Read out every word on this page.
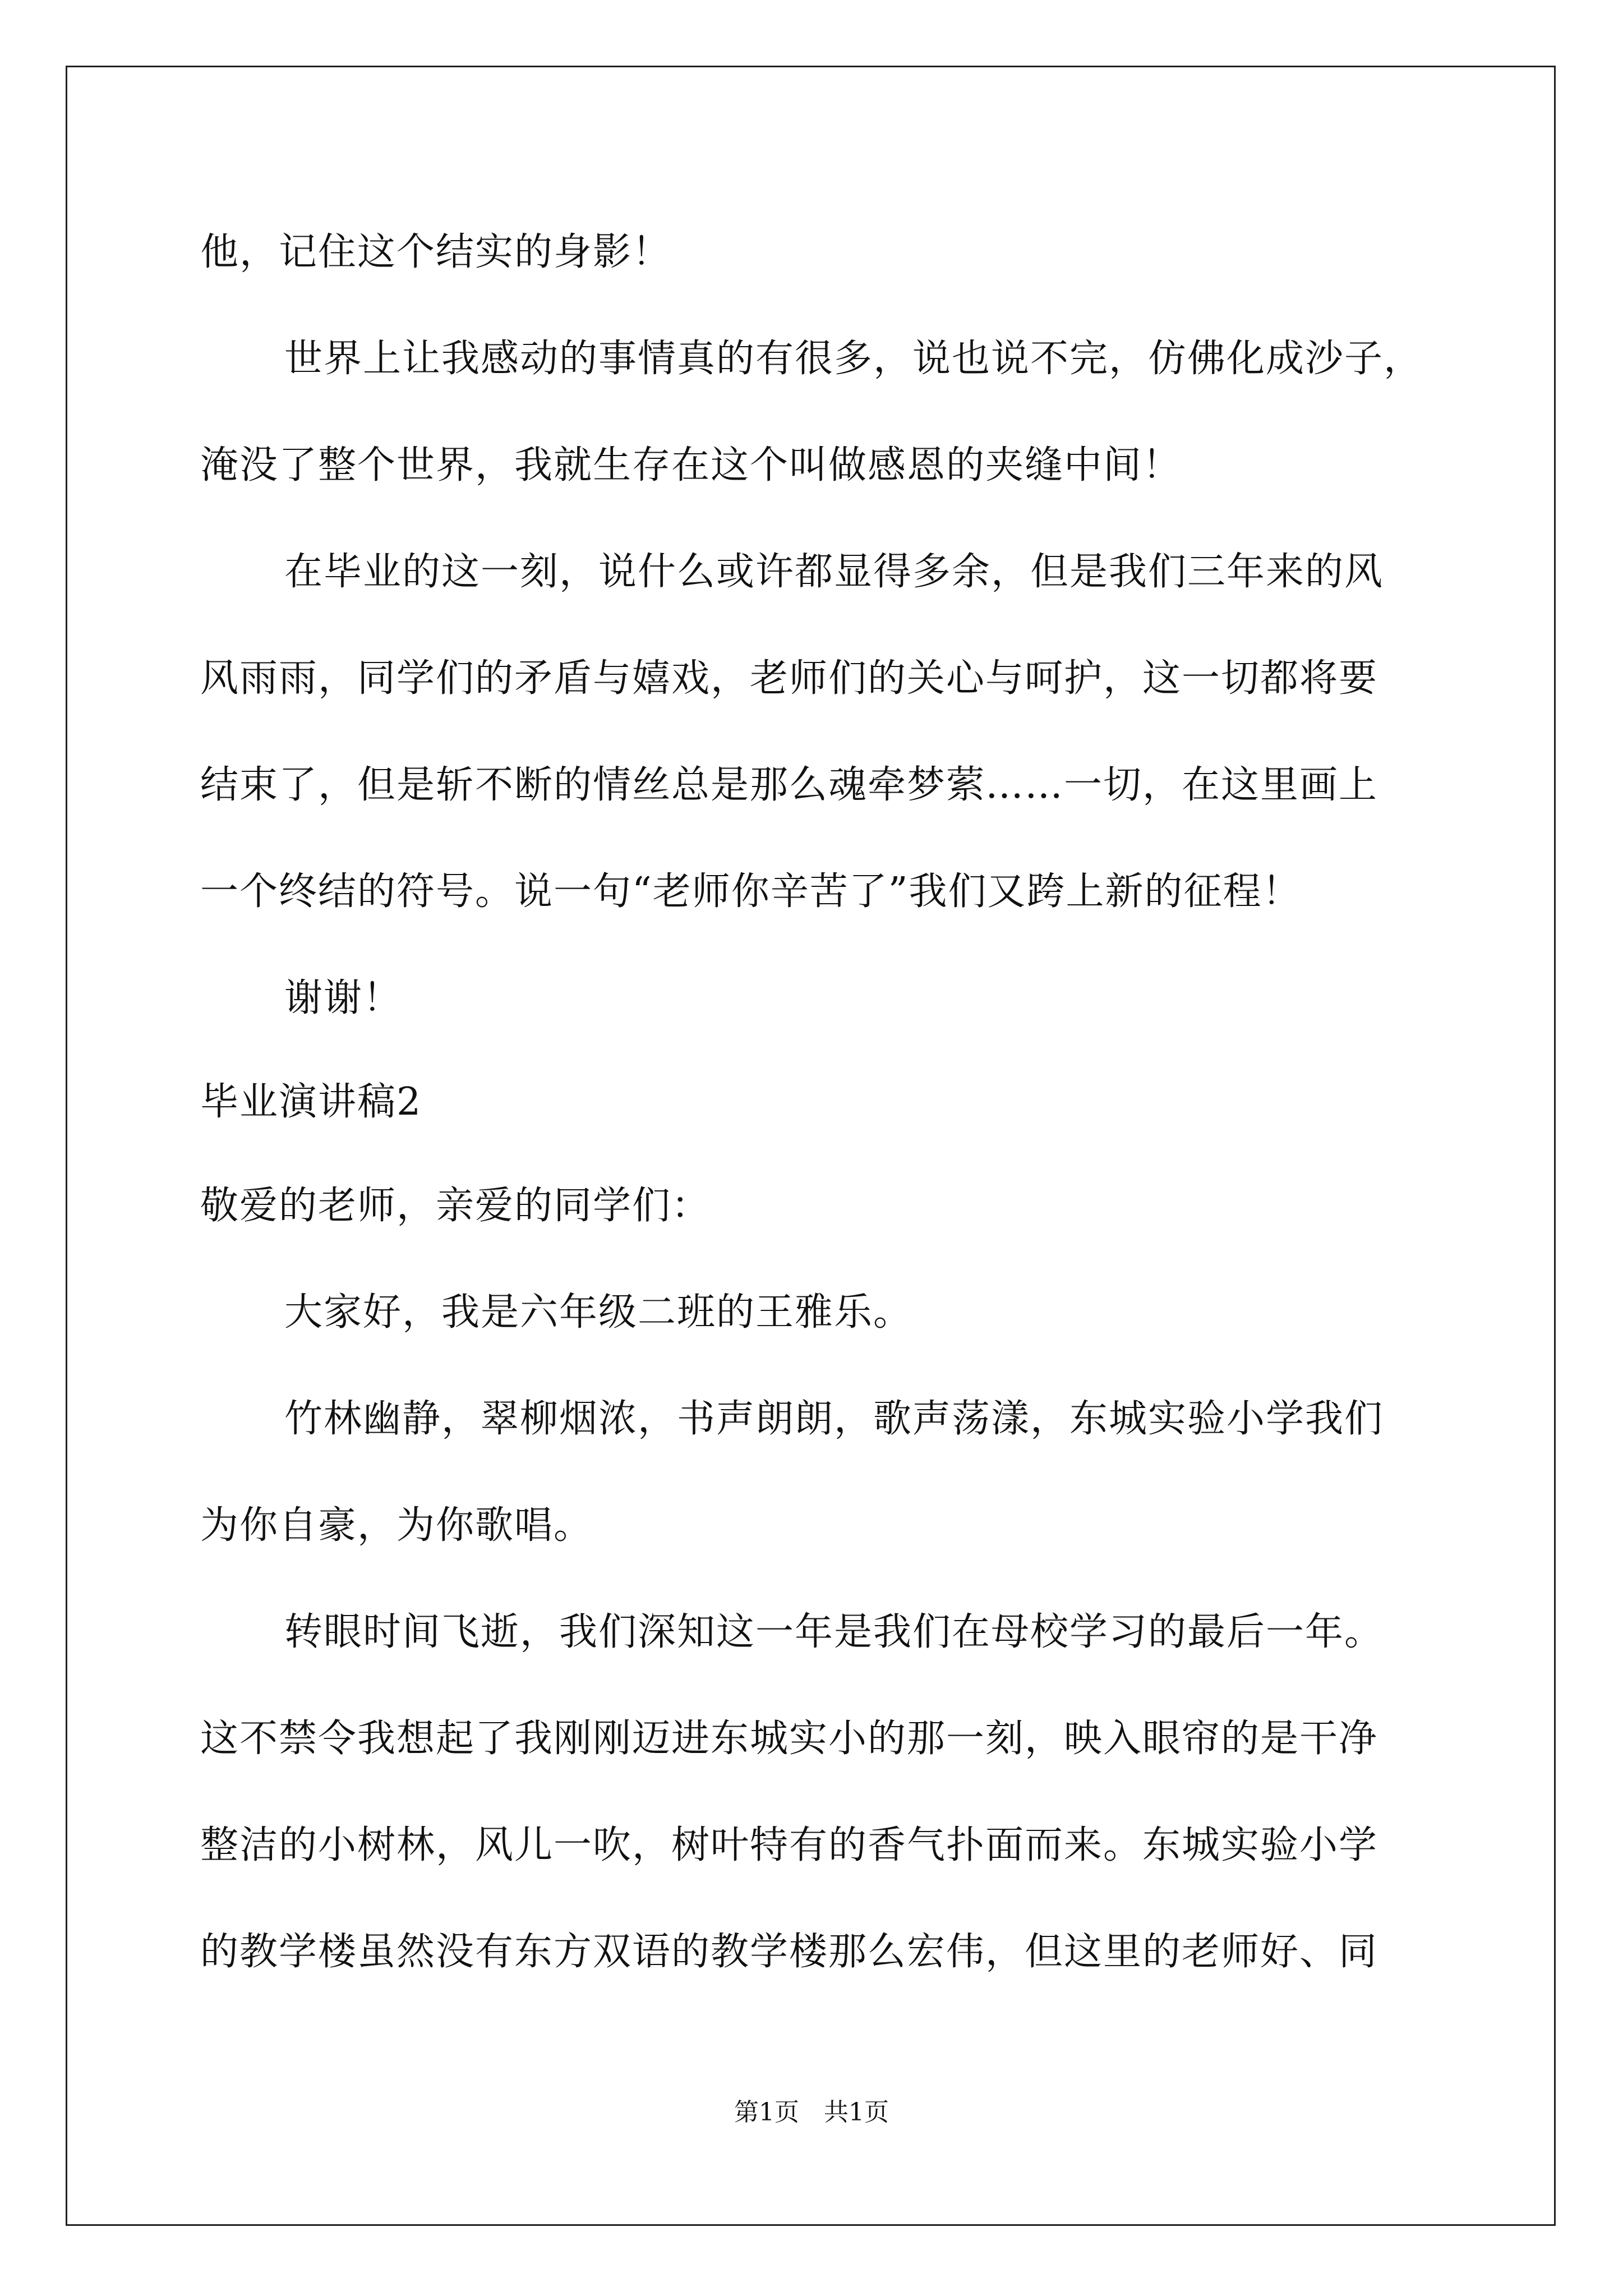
他，记住这个结实的身影！
世界上让我感动的事情真的有很多，说也说不完，仿佛化成沙子，
淹没了整个世界，我就生存在这个叫做感恩的夹缝中间！
在毕业的这一刻，说什么或许都显得多余，但是我们三年来的风
风雨雨，同学们的矛盾与嬉戏，老师们的关心与呵护，这一切都将要
结束了，但是斩不断的情丝总是那么魂牵梦萦……一切，在这里画上
一个终结的符号。说一句“老师你辛苦了”我们又跨上新的征程！
谢谢！
毕业演讲稿2
敬爱的老师，亲爱的同学们：
大家好，我是六年级二班的王雅乐。
竹林幽静，翠柳烟浓，书声朗朗，歌声荡漾，东城实验小学我们
为你自豪，为你歌唱。
转眼时间飞逝，我们深知这一年是我们在母校学习的最后一年。
这不禁令我想起了我刚刚迈进东城实小的那一刻，映入眼帘的是干净
整洁的小树林，风儿一吹，树叶特有的香气扑面而来。东城实验小学
的教学楼虽然没有东方双语的教学楼那么宏伟，但这里的老师好、同
第1页　共1页
